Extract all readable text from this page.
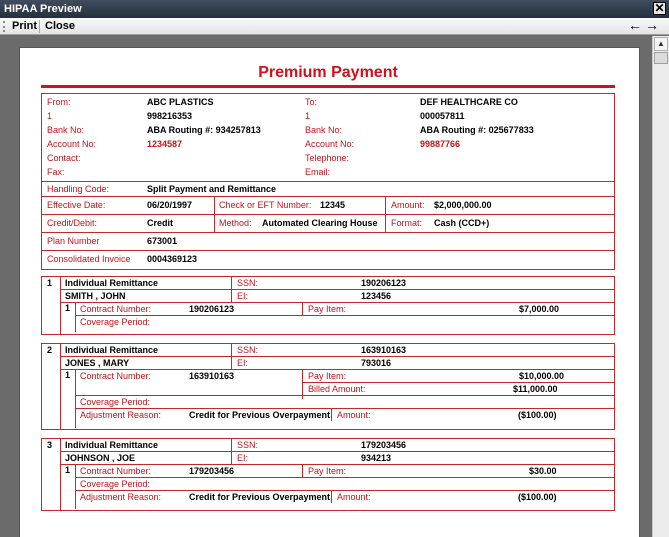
HIPAA Preview	✕
Print Close	← →
▲
Premium Payment
From:	ABC PLASTICS	To:	DEF HEALTHCARE CO
1	998216353	1	000057811
Bank No:	ABA Routing #: 934257813	Bank No:	ABA Routing #: 025677833
Account No:	1234587	Account No:	99887766
Contact:	Telephone:
Fax:	Email:
Handling Code:	Split Payment and Remittance
Effective Date:	06/20/1997	Check or EFT Number: 12345	Amount: $2,000,000.00
Credit/Debit:	Credit	Method: Automated Clearing House Format: Cash (CCD+)
Plan Number	673001
Consolidated Invoice 0004369123
1	Individual Remittance	SSN:	190206123
SMITH , JOHN	EI:	123456
1	Contract Number:	190206123	Pay Item:	$7,000.00
Coverage Period:
2	Individual Remittance	SSN:	163910163
JONES , MARY	EI:	793016
1	Contract Number:	163910163	Pay Item:	$10,000.00
Billed Amount:	$11,000.00
Coverage Period:
Adjustment Reason:	Credit for Previous Overpayment Amount:	($100.00)
3	Individual Remittance	SSN:	179203456
JOHNSON , JOE	EI:	934213
1	Contract Number:	179203456	Pay Item:	$30.00
Coverage Period:
Adjustment Reason:	Credit for Previous Overpayment Amount:	($100.00)
